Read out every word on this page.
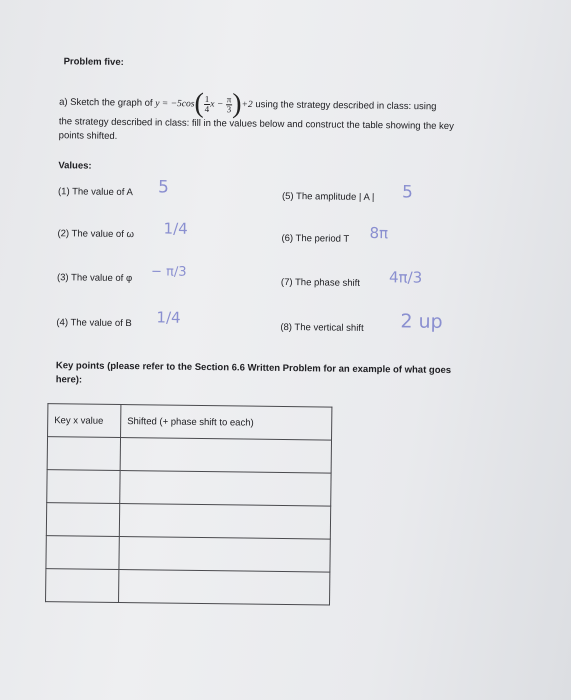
Problem five:
a) Sketch the graph of $y = -5\cos( \frac{1}{4}$ $x - \frac{\pi}{3} )+2$ using the strategy described in class: using
the strategy described in class: fill in the values below and construct the table showing the key
points shifted.
Values:
(1) The value of A 5
(2) The value of ω 1/4
(3) The value of φ − π/3
(4) The value of B 1/4
(5) The amplitude | A | 5
(6) The period T 8π
(7) The phase shift 4π/3
(8) The vertical shift 2 up
Key points (please refer to the Section 6.6 Written Problem for an example of what goes
here):
Key x value	Shifted (+ phase shift to each)
